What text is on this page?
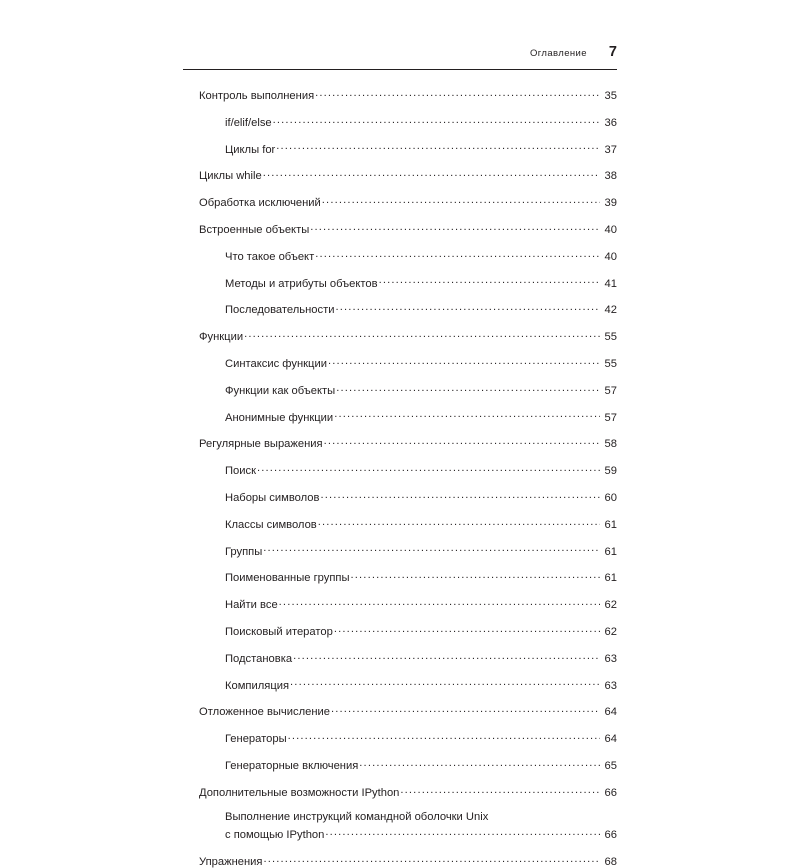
Оглавление 7
Контроль выполнения .....	35
if/elif/else .....	36
Циклы for .....	37
Циклы while .....	38
Обработка исключений .....	39
Встроенные объекты .....	40
Что такое объект .....	40
Методы и атрибуты объектов .....	41
Последовательности .....	42
Функции .....	55
Синтаксис функции .....	55
Функции как объекты .....	57
Анонимные функции .....	57
Регулярные выражения .....	58
Поиск .....	59
Наборы символов .....	60
Классы символов .....	61
Группы .....	61
Поименованные группы .....	61
Найти все .....	62
Поисковый итератор .....	62
Подстановка .....	63
Компиляция .....	63
Отложенное вычисление .....	64
Генераторы .....	64
Генераторные включения .....	65
Дополнительные возможности IPython .....	66
Выполнение инструкций командной оболочки Unix
с помощью IPython .....	66
Упражнения .....	68
